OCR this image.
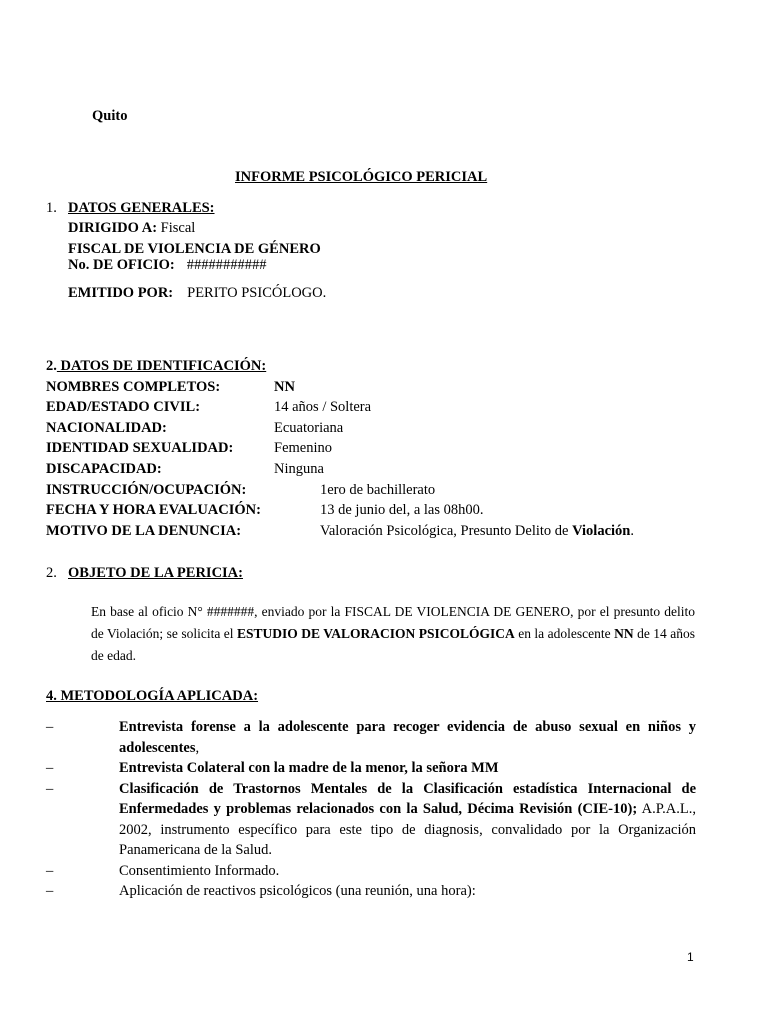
Quito
INFORME PSICOLÓGICO PERICIAL
1. DATOS GENERALES:
DIRIGIDO A: Fiscal
FISCAL DE VIOLENCIA DE GÉNERO
No. DE OFICIO: ###########
EMITIDO POR: PERITO PSICÓLOGO.
2. DATOS DE IDENTIFICACIÓN:
NOMBRES COMPLETOS:	NN
EDAD/ESTADO CIVIL:	14 años / Soltera
NACIONALIDAD:	Ecuatoriana
IDENTIDAD SEXUALIDAD:	Femenino
DISCAPACIDAD:	Ninguna
INSTRUCCIÓN/OCUPACIÓN:	1ero de bachillerato
FECHA Y HORA EVALUACIÓN:	13 de junio del, a las 08h00.
MOTIVO DE LA DENUNCIA:	Valoración Psicológica, Presunto Delito de Violación.
2. OBJETO DE LA PERICIA:
En base al oficio N° #######, enviado por la FISCAL DE VIOLENCIA DE GENERO, por el presunto delito de Violación; se solicita el ESTUDIO DE VALORACION PSICOLÓGICA en la adolescente NN de 14 años de edad.
4. METODOLOGÍA APLICADA:
–	Entrevista forense a la adolescente para recoger evidencia de abuso sexual en niños y adolescentes,
–	Entrevista Colateral con la madre de la menor, la señora MM
–	Clasificación de Trastornos Mentales de la Clasificación estadística Internacional de Enfermedades y problemas relacionados con la Salud, Décima Revisión (CIE-10); A.P.A.L., 2002, instrumento específico para este tipo de diagnosis, convalidado por la Organización Panamericana de la Salud.
–	Consentimiento Informado.
–	Aplicación de reactivos psicológicos (una reunión, una hora):
1
